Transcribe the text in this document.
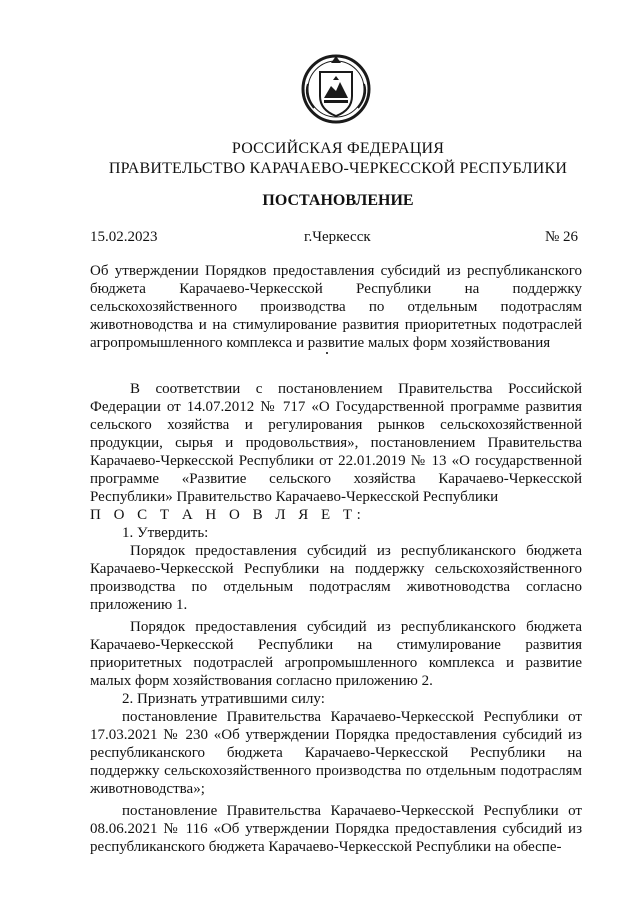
РОССИЙСКАЯ ФЕДЕРАЦИЯ
ПРАВИТЕЛЬСТВО КАРАЧАЕВО-ЧЕРКЕССКОЙ РЕСПУБЛИКИ
ПОСТАНОВЛЕНИЕ
15.02.2023	г.Черкесск	№ 26
Об утверждении Порядков предоставления субсидий из республиканского бюджета Карачаево-Черкесской Республики на поддержку сельскохозяйственного производства по отдельным подотраслям животноводства и на стимулирование развития приоритетных подотраслей агропромышленного комплекса и развитие малых форм хозяйствования

В соответствии с постановлением Правительства Российской Федерации от 14.07.2012 № 717 «О Государственной программе развития сельского хозяйства и регулирования рынков сельскохозяйственной продукции, сырья и продовольствия», постановлением Правительства Карачаево-Черкесской Республики от 22.01.2019 № 13 «О государственной программе «Развитие сельского хозяйства Карачаево-Черкесской Республики» Правительство Карачаево-Черкесской Республики

П О С Т А Н О В Л Я Е Т:

1. Утвердить:

Порядок предоставления субсидий из республиканского бюджета Карачаево-Черкесской Республики на поддержку сельскохозяйственного производства по отдельным подотраслям животноводства согласно приложению 1.

Порядок предоставления субсидий из республиканского бюджета Карачаево-Черкесской Республики на стимулирование развития приоритетных подотраслей агропромышленного комплекса и развитие малых форм хозяйствования согласно приложению 2.

2. Признать утратившими силу:

постановление Правительства Карачаево-Черкесской Республики от 17.03.2021 № 230 «Об утверждении Порядка предоставления субсидий из республиканского бюджета Карачаево-Черкесской Республики на поддержку сельскохозяйственного производства по отдельным подотраслям животноводства»;

постановление Правительства Карачаево-Черкесской Республики от 08.06.2021 № 116 «Об утверждении Порядка предоставления субсидий из республиканского бюджета Карачаево-Черкесской Республики на обеспе-
